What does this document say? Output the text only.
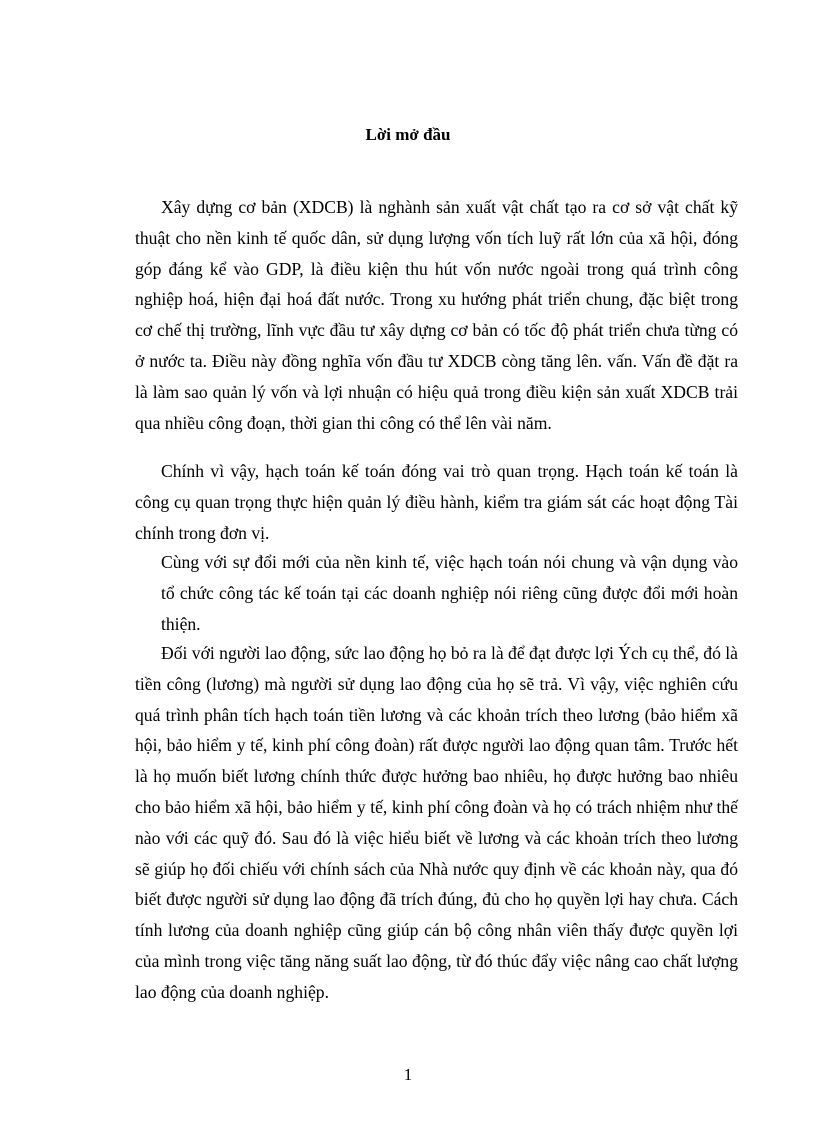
Lời mở đầu

Xây dựng cơ bản (XDCB) là nghành sản xuất vật chất tạo ra cơ sở vật chất kỹ thuật cho nền kinh tế quốc dân, sử dụng lượng vốn tích luỹ rất lớn của xã hội, đóng góp đáng kể vào GDP, là điều kiện thu hút vốn nước ngoài trong quá trình công nghiệp hoá, hiện đại hoá đất nước. Trong xu hướng phát triển chung, đặc biệt trong cơ chế thị trường, lĩnh vực đầu tư xây dựng cơ bản có tốc độ phát triển chưa từng có ở nước ta. Điều này đồng nghĩa vốn đầu tư XDCB còng tăng lên. vấn. Vấn đề đặt ra là làm sao quản lý vốn và lợi nhuận có hiệu quả trong điều kiện sản xuất XDCB trải qua nhiều công đoạn, thời gian thi công có thể lên vài năm.

Chính vì vậy, hạch toán kế toán đóng vai trò quan trọng. Hạch toán kế toán là công cụ quan trọng thực hiện quản lý điều hành, kiểm tra giám sát các hoạt động Tài chính trong đơn vị.

Cùng với sự đổi mới của nền kinh tế, việc hạch toán nói chung và vận dụng vào tổ chức công tác kế toán tại các doanh nghiệp nói riêng cũng được đổi mới hoàn thiện.

Đối với người lao động, sức lao động họ bỏ ra là để đạt được lợi Ých cụ thể, đó là tiền công (lương) mà người sử dụng lao động của họ sẽ trả. Vì vậy, việc nghiên cứu quá trình phân tích hạch toán tiền lương và các khoản trích theo lương (bảo hiểm xã hội, bảo hiểm y tế, kinh phí công đoàn) rất được người lao động quan tâm. Trước hết là họ muốn biết lương chính thức được hưởng bao nhiêu, họ được hưởng bao nhiêu cho bảo hiểm xã hội, bảo hiểm y tế, kinh phí công đoàn và họ có trách nhiệm như thế nào với các quỹ đó. Sau đó là việc hiểu biết về lương và các khoản trích theo lương sẽ giúp họ đối chiếu với chính sách của Nhà nước quy định về các khoản này, qua đó biết được người sử dụng lao động đã trích đúng, đủ cho họ quyền lợi hay chưa. Cách tính lương của doanh nghiệp cũng giúp cán bộ công nhân viên thấy được quyền lợi của mình trong việc tăng năng suất lao động, từ đó thúc đẩy việc nâng cao chất lượng lao động của doanh nghiệp.

1
